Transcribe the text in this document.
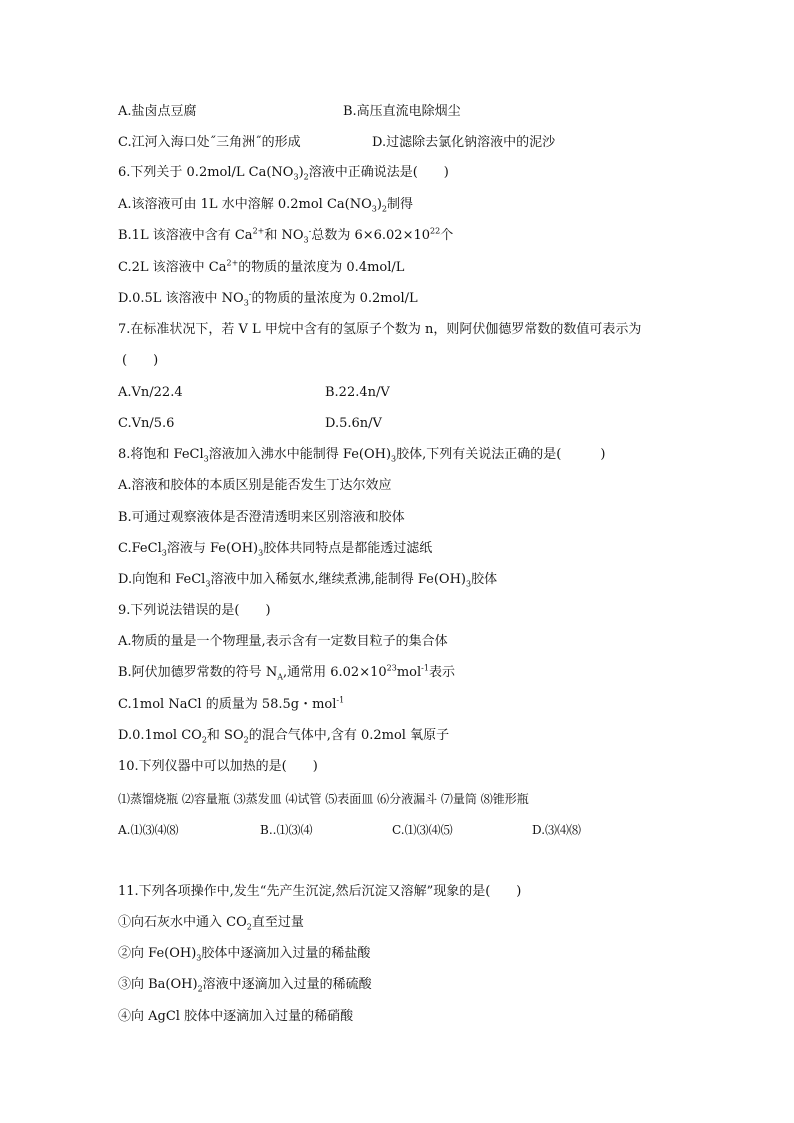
A.盐卤点豆腐	B.高压直流电除烟尘
C.江河入海口处˝三角洲˝的形成	D.过滤除去氯化钠溶液中的泥沙
6.下列关于 0.2mol/L $Ca(NO_3)_2$溶液中正确说法是(　　)
A.该溶液可由 1L 水中溶解 0.2mol $Ca(NO_3)_2$制得
B.1L 该溶液中含有 $Ca^{2+}$和 $NO_3^-$总数为 $6\times 6.02\times 10^{22}$个
C.2L 该溶液中 $Ca^{2+}$的物质的量浓度为 0.4mol/L
D.0.5L 该溶液中 $NO_3^-$的物质的量浓度为 0.2mol/L
7.在标准状况下，若 V L 甲烷中含有的氢原子个数为 n，则阿伏伽德罗常数的数值可表示为
(　　)
A.Vn/22.4	B.22.4n/V
C.Vn/5.6	D.5.6n/V
8.将饱和 FeCl$_3$溶液加入沸水中能制得 $Fe(OH)_3$胶体,下列有关说法正确的是(　　　)
A.溶液和胶体的本质区别是能否发生丁达尔效应
B.可通过观察液体是否澄清透明来区别溶液和胶体
C.FeCl$_3$溶液与 $Fe(OH)_3$胶体共同特点是都能透过滤纸
D.向饱和 FeCl$_3$溶液中加入稀氨水,继续煮沸,能制得 $Fe(OH)_3$胶体
9.下列说法错误的是(　　)
A.物质的量是一个物理量,表示含有一定数目粒子的集合体
B.阿伏加德罗常数的符号 $N_A$,通常用 $6.02\times 10^{23}mol^{-1}$表示
C.1mol NaCl 的质量为 58.5g・mol$^{-1}$
D.0.1mol $CO_2$和 $SO_2$的混合气体中,含有 0.2mol 氧原子
10.下列仪器中可以加热的是(　　)
⑴蒸馏烧瓶 ⑵容量瓶 ⑶蒸发皿 ⑷试管 ⑸表面皿 ⑹分液漏斗 ⑺量筒 ⑻锥形瓶
A.⑴⑶⑷⑻	B..⑴⑶⑷	C.⑴⑶⑷⑸	D.⑶⑷⑻
11.下列各项操作中,发生“先产生沉淀,然后沉淀又溶解”现象的是(　　)
①向石灰水中通入 $CO_2$直至过量
②向 $Fe(OH)_3$胶体中逐滴加入过量的稀盐酸
③向 $Ba(OH)_2$溶液中逐滴加入过量的稀硫酸
④向 AgCl 胶体中逐滴加入过量的稀硝酸
